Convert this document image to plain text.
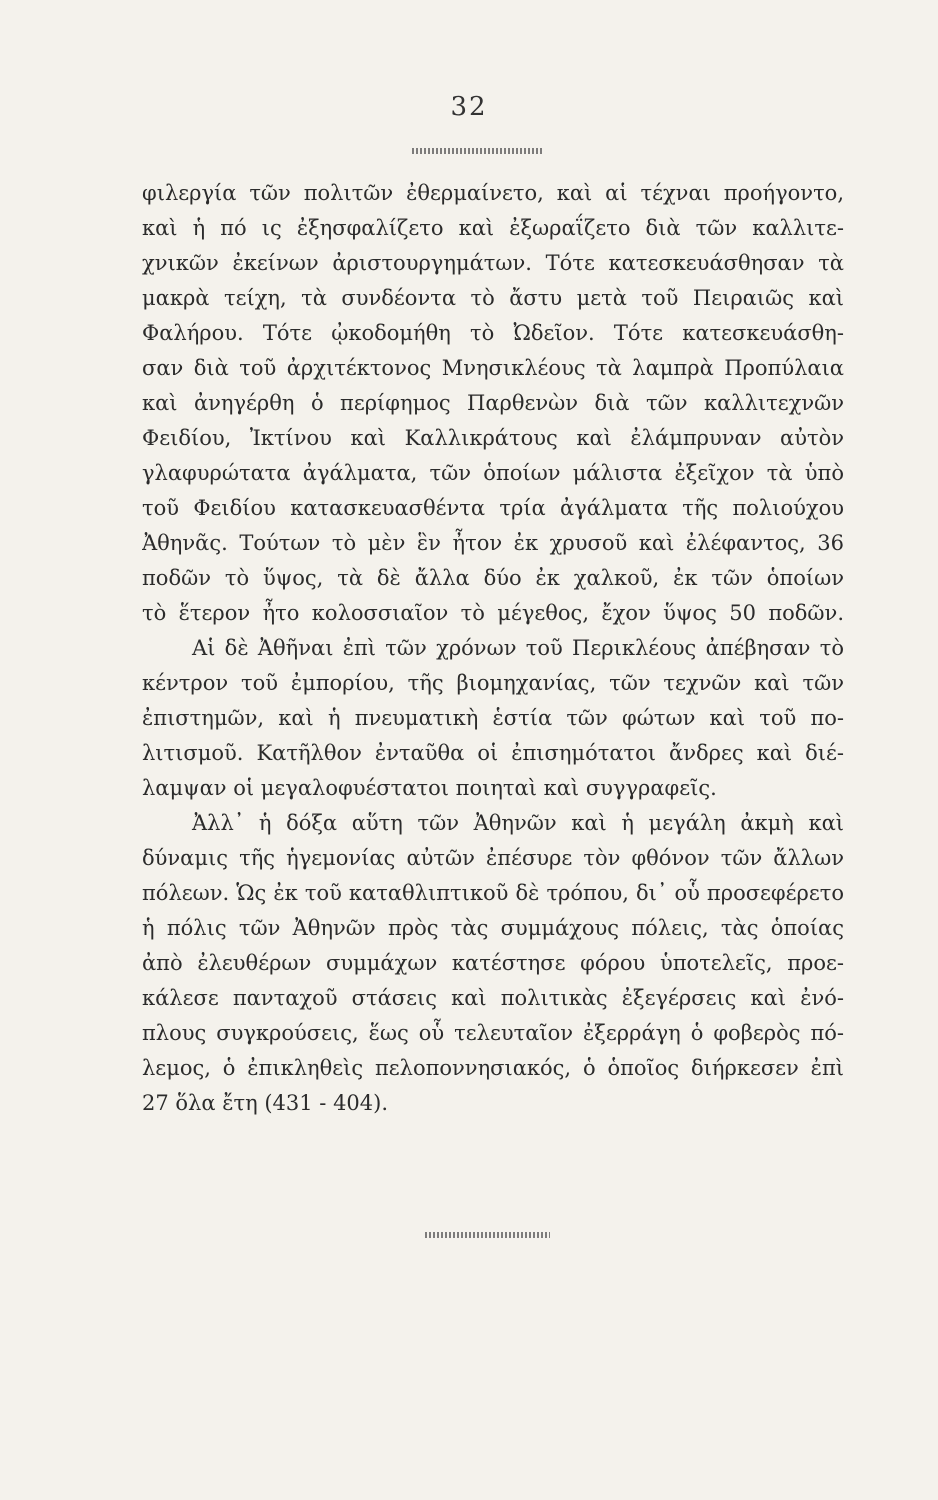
32
φιλεργία τῶν πολιτῶν ἐθερμαίνετο, καὶ αἱ τέχναι προήγοντο,
καὶ ἡ πό ις ἐξησφαλίζετο καὶ ἐξωραΐζετο διὰ τῶν καλλιτε-
χνικῶν ἐκείνων ἀριστουργημάτων. Τότε κατεσκευάσθησαν τὰ
μακρὰ τείχη, τὰ συνδέοντα τὸ ἄστυ μετὰ τοῦ Πειραιῶς καὶ
Φαλήρου. Τότε ᾠκοδομήθη τὸ Ὠδεῖον. Τότε κατεσκευάσθη-
σαν διὰ τοῦ ἀρχιτέκτονος Μνησικλέους τὰ λαμπρὰ Προπύλαια
καὶ ἀνηγέρθη ὁ περίφημος Παρθενὼν διὰ τῶν καλλιτεχνῶν
Φειδίου, Ἰκτίνου καὶ Καλλικράτους καὶ ἐλάμπρυναν αὐτὸν
γλαφυρώτατα ἀγάλματα, τῶν ὁποίων μάλιστα ἐξεῖχον τὰ ὑπὸ
τοῦ Φειδίου κατασκευασθέντα τρία ἀγάλματα τῆς πολιούχου
Ἀθηνᾶς. Τούτων τὸ μὲν ἓν ἦτον ἐκ χρυσοῦ καὶ ἐλέφαντος, 36
ποδῶν τὸ ὕψος, τὰ δὲ ἄλλα δύο ἐκ χαλκοῦ, ἐκ τῶν ὁποίων
τὸ ἕτερον ἦτο κολοσσιαῖον τὸ μέγεθος, ἔχον ὕψος 50 ποδῶν.
Αἱ δὲ Ἀθῆναι ἐπὶ τῶν χρόνων τοῦ Περικλέους ἀπέβησαν τὸ
κέντρον τοῦ ἐμπορίου, τῆς βιομηχανίας, τῶν τεχνῶν καὶ τῶν
ἐπιστημῶν, καὶ ἡ πνευματικὴ ἑστία τῶν φώτων καὶ τοῦ πο-
λιτισμοῦ. Κατῆλθον ἐνταῦθα οἱ ἐπισημότατοι ἄνδρες καὶ διέ-
λαμψαν οἱ μεγαλοφυέστατοι ποιηταὶ καὶ συγγραφεῖς.
Ἀλλ᾽ ἡ δόξα αὕτη τῶν Ἀθηνῶν καὶ ἡ μεγάλη ἀκμὴ καὶ
δύναμις τῆς ἡγεμονίας αὐτῶν ἐπέσυρε τὸν φθόνον τῶν ἄλλων
πόλεων. Ὡς ἐκ τοῦ καταθλιπτικοῦ δὲ τρόπου, δι᾽ οὗ προσεφέρετο
ἡ πόλις τῶν Ἀθηνῶν πρὸς τὰς συμμάχους πόλεις, τὰς ὁποίας
ἀπὸ ἐλευθέρων συμμάχων κατέστησε φόρου ὑποτελεῖς, προε-
κάλεσε πανταχοῦ στάσεις καὶ πολιτικὰς ἐξεγέρσεις καὶ ἐνό-
πλους συγκρούσεις, ἕως οὗ τελευταῖον ἐξερράγη ὁ φοβερὸς πό-
λεμος, ὁ ἐπικληθεὶς πελοποννησιακός, ὁ ὁποῖος διήρκεσεν ἐπὶ
27 ὅλα ἔτη (431 - 404).
